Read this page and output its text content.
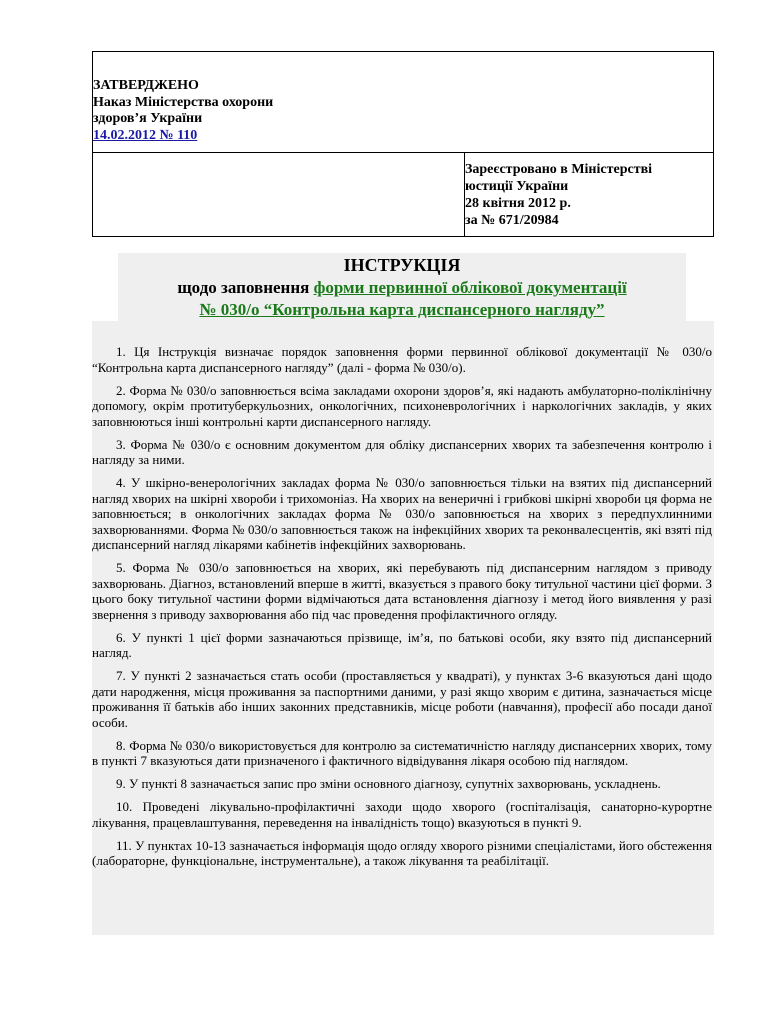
ЗАТВЕРДЖЕНО
Наказ Міністерства охорони
здоров’я України
14.02.2012 № 110
Зареєстровано в Міністерстві
юстиції України
28 квітня 2012 р.
за № 671/20984
ІНСТРУКЦІЯ
щодо заповнення форми первинної облікової документації
№ 030/о “Контрольна карта диспансерного нагляду”

1. Ця Інструкція визначає порядок заповнення форми первинної облікової документації № 030/о “Контрольна карта диспансерного нагляду” (далі - форма № 030/о).

2. Форма № 030/о заповнюється всіма закладами охорони здоров’я, які надають амбулаторно-поліклінічну допомогу, окрім протитуберкульозних, онкологічних, психоневрологічних і наркологічних закладів, у яких заповнюються інші контрольні карти диспансерного нагляду.

3. Форма № 030/о є основним документом для обліку диспансерних хворих та забезпечення контролю і нагляду за ними.

4. У шкірно-венерологічних закладах форма № 030/о заповнюється тільки на взятих під диспансерний нагляд хворих на шкірні хвороби і трихомоніаз. На хворих на венеричні і грибкові шкірні хвороби ця форма не заповнюється; в онкологічних закладах форма № 030/о заповнюється на хворих з передпухлинними захворюваннями. Форма № 030/о заповнюється також на інфекційних хворих та реконвалесцентів, які взяті під диспансерний нагляд лікарями кабінетів інфекційних захворювань.

5. Форма № 030/о заповнюється на хворих, які перебувають під диспансерним наглядом з приводу захворювань. Діагноз, встановлений вперше в житті, вказується з правого боку титульної частини цієї форми. З цього боку титульної частини форми відмічаються дата встановлення діагнозу і метод його виявлення у разі звернення з приводу захворювання або під час проведення профілактичного огляду.

6. У пункті 1 цієї форми зазначаються прізвище, ім’я, по батькові особи, яку взято під диспансерний нагляд.

7. У пункті 2 зазначається стать особи (проставляється у квадраті), у пунктах 3-6 вказуються дані щодо дати народження, місця проживання за паспортними даними, у разі якщо хворим є дитина, зазначається місце проживання її батьків або інших законних представників, місце роботи (навчання), професії або посади даної особи.

8. Форма № 030/о використовується для контролю за систематичністю нагляду диспансерних хворих, тому в пункті 7 вказуються дати призначеного і фактичного відвідування лікаря особою під наглядом.

9. У пункті 8 зазначається запис про зміни основного діагнозу, супутніх захворювань, ускладнень.

10. Проведені лікувально-профілактичні заходи щодо хворого (госпіталізація, санаторно-курортне лікування, працевлаштування, переведення на інвалідність тощо) вказуються в пункті 9.

11. У пунктах 10-13 зазначається інформація щодо огляду хворого різними спеціалістами, його обстеження (лабораторне, функціональне, інструментальне), а також лікування та реабілітації.
